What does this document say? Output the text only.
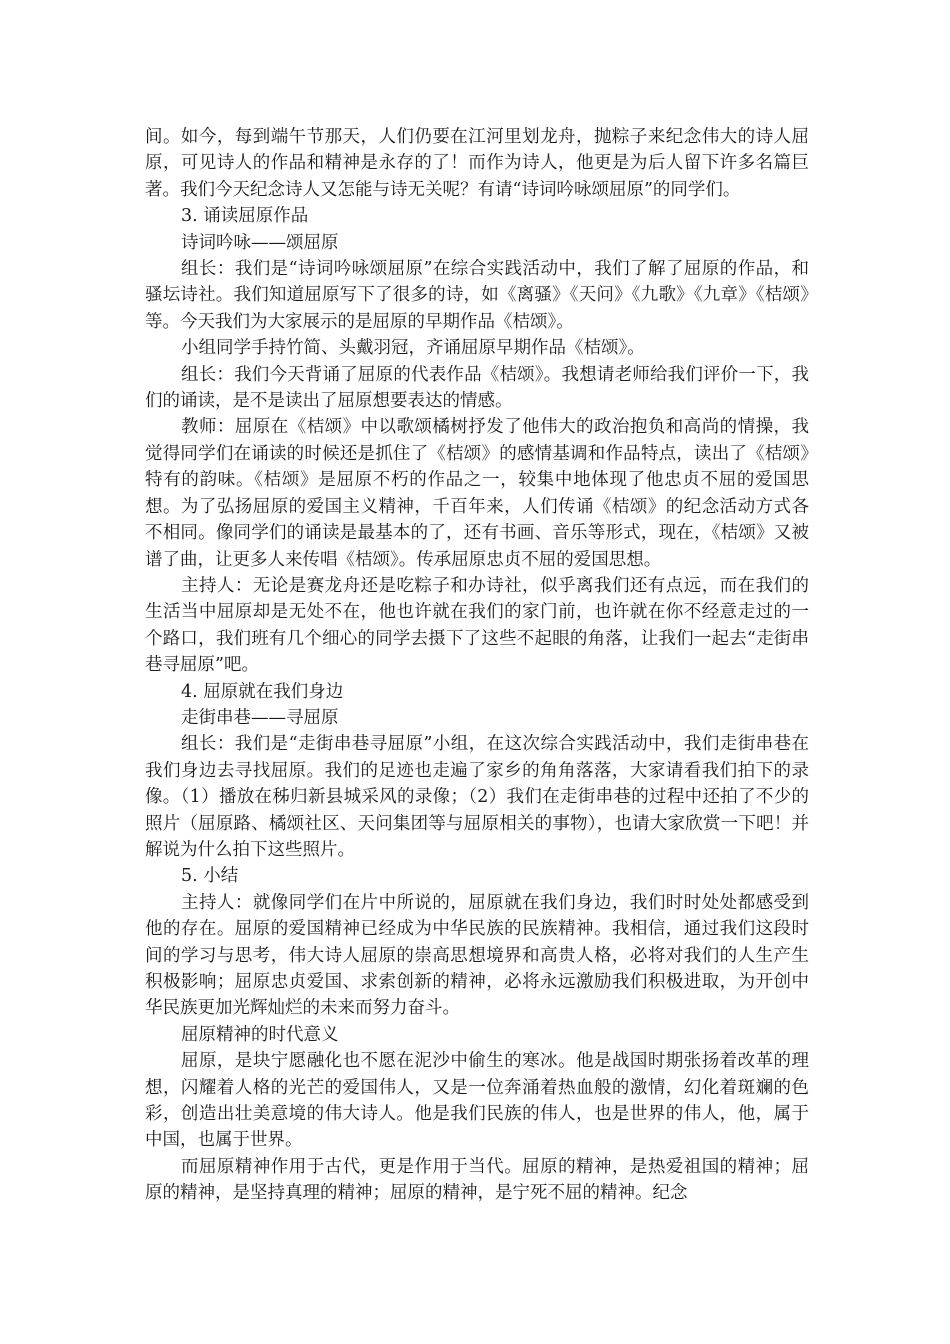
间。如今，每到端午节那天，人们仍要在江河里划龙舟，抛粽子来纪念伟大的诗人屈原，可见诗人的作品和精神是永存的了！而作为诗人，他更是为后人留下许多名篇巨著。我们今天纪念诗人又怎能与诗无关呢？有请“诗词吟咏颂屈原”的同学们。

3. 诵读屈原作品

诗词吟咏——颂屈原

组长：我们是“诗词吟咏颂屈原”在综合实践活动中，我们了解了屈原的作品，和骚坛诗社。我们知道屈原写下了很多的诗，如《离骚》《天问》《九歌》《九章》《桔颂》等。今天我们为大家展示的是屈原的早期作品《桔颂》。

小组同学手持竹简、头戴羽冠，齐诵屈原早期作品《桔颂》。

组长：我们今天背诵了屈原的代表作品《桔颂》。我想请老师给我们评价一下，我们的诵读，是不是读出了屈原想要表达的情感。

教师：屈原在《桔颂》中以歌颂橘树抒发了他伟大的政治抱负和高尚的情操，我觉得同学们在诵读的时候还是抓住了《桔颂》的感情基调和作品特点，读出了《桔颂》特有的韵味。《桔颂》是屈原不朽的作品之一，较集中地体现了他忠贞不屈的爱国思想。为了弘扬屈原的爱国主义精神，千百年来，人们传诵《桔颂》的纪念活动方式各不相同。像同学们的诵读是最基本的了，还有书画、音乐等形式，现在，《桔颂》又被谱了曲，让更多人来传唱《桔颂》。传承屈原忠贞不屈的爱国思想。

主持人：无论是赛龙舟还是吃粽子和办诗社，似乎离我们还有点远，而在我们的生活当中屈原却是无处不在，他也许就在我们的家门前，也许就在你不经意走过的一个路口，我们班有几个细心的同学去摄下了这些不起眼的角落，让我们一起去“走街串巷寻屈原”吧。

4. 屈原就在我们身边

走街串巷——寻屈原

组长：我们是“走街串巷寻屈原”小组，在这次综合实践活动中，我们走街串巷在我们身边去寻找屈原。我们的足迹也走遍了家乡的角角落落，大家请看我们拍下的录像。（1）播放在秭归新县城采风的录像；（2）我们在走街串巷的过程中还拍了不少的照片（屈原路、橘颂社区、天问集团等与屈原相关的事物），也请大家欣赏一下吧！并解说为什么拍下这些照片。

5. 小结

主持人：就像同学们在片中所说的，屈原就在我们身边，我们时时处处都感受到他的存在。屈原的爱国精神已经成为中华民族的民族精神。我相信，通过我们这段时间的学习与思考，伟大诗人屈原的崇高思想境界和高贵人格，必将对我们的人生产生积极影响；屈原忠贞爱国、求索创新的精神，必将永远激励我们积极进取，为开创中华民族更加光辉灿烂的未来而努力奋斗。

屈原精神的时代意义

屈原，是块宁愿融化也不愿在泥沙中偷生的寒冰。他是战国时期张扬着改革的理想，闪耀着人格的光芒的爱国伟人，又是一位奔涌着热血般的激情，幻化着斑斓的色彩，创造出壮美意境的伟大诗人。他是我们民族的伟人，也是世界的伟人，他，属于中国，也属于世界。

而屈原精神作用于古代，更是作用于当代。屈原的精神，是热爱祖国的精神；屈原的精神，是坚持真理的精神；屈原的精神，是宁死不屈的精神。纪念
